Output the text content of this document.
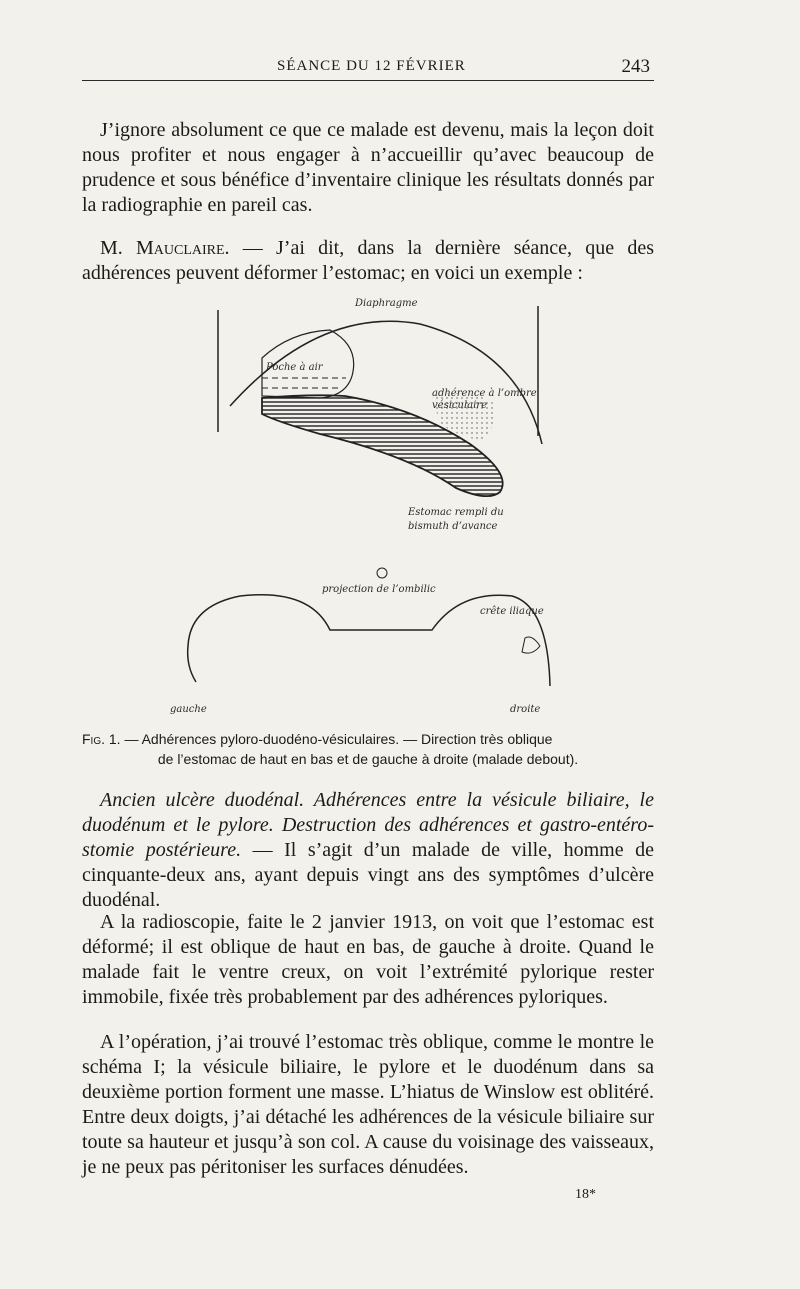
SÉANCE DU 12 FÉVRIER	243

J’ignore absolument ce que ce malade est devenu, mais la leçon doit nous profiter et nous engager à n’accueillir qu’avec beaucoup de prudence et sous bénéfice d’inventaire clinique les résultats donnés par la radiographie en pareil cas.

M. Mauclaire. — J’ai dit, dans la dernière séance, que des adhérences peuvent déformer l’estomac; en voici un exemple :

Diaphragme
Poche à air
adhérence à l’ombre vésiculaire
Estomac rempli du bismuth d’avance
projection de l’ombilic
crête iliaque
gauche	droite

Fig. 1. — Adhérences pyloro-duodéno-vésiculaires. — Direction très oblique
de l’estomac de haut en bas et de gauche à droite (malade debout).

Ancien ulcère duodénal. Adhérences entre la vésicule biliaire, le duodénum et le pylore. Destruction des adhérences et gastro-entéro-stomie postérieure. — Il s’agit d’un malade de ville, homme de cinquante-deux ans, ayant depuis vingt ans des symptômes d’ulcère duodénal.

A la radioscopie, faite le 2 janvier 1913, on voit que l’estomac est déformé; il est oblique de haut en bas, de gauche à droite. Quand le malade fait le ventre creux, on voit l’extrémité pylorique rester immobile, fixée très probablement par des adhérences pyloriques.

A l’opération, j’ai trouvé l’estomac très oblique, comme le montre le schéma I; la vésicule biliaire, le pylore et le duodénum dans sa deuxième portion forment une masse. L’hiatus de Winslow est oblitéré. Entre deux doigts, j’ai détaché les adhérences de la vésicule biliaire sur toute sa hauteur et jusqu’à son col. A cause du voisinage des vaisseaux, je ne peux pas péritoniser les surfaces dénudées.

18*
